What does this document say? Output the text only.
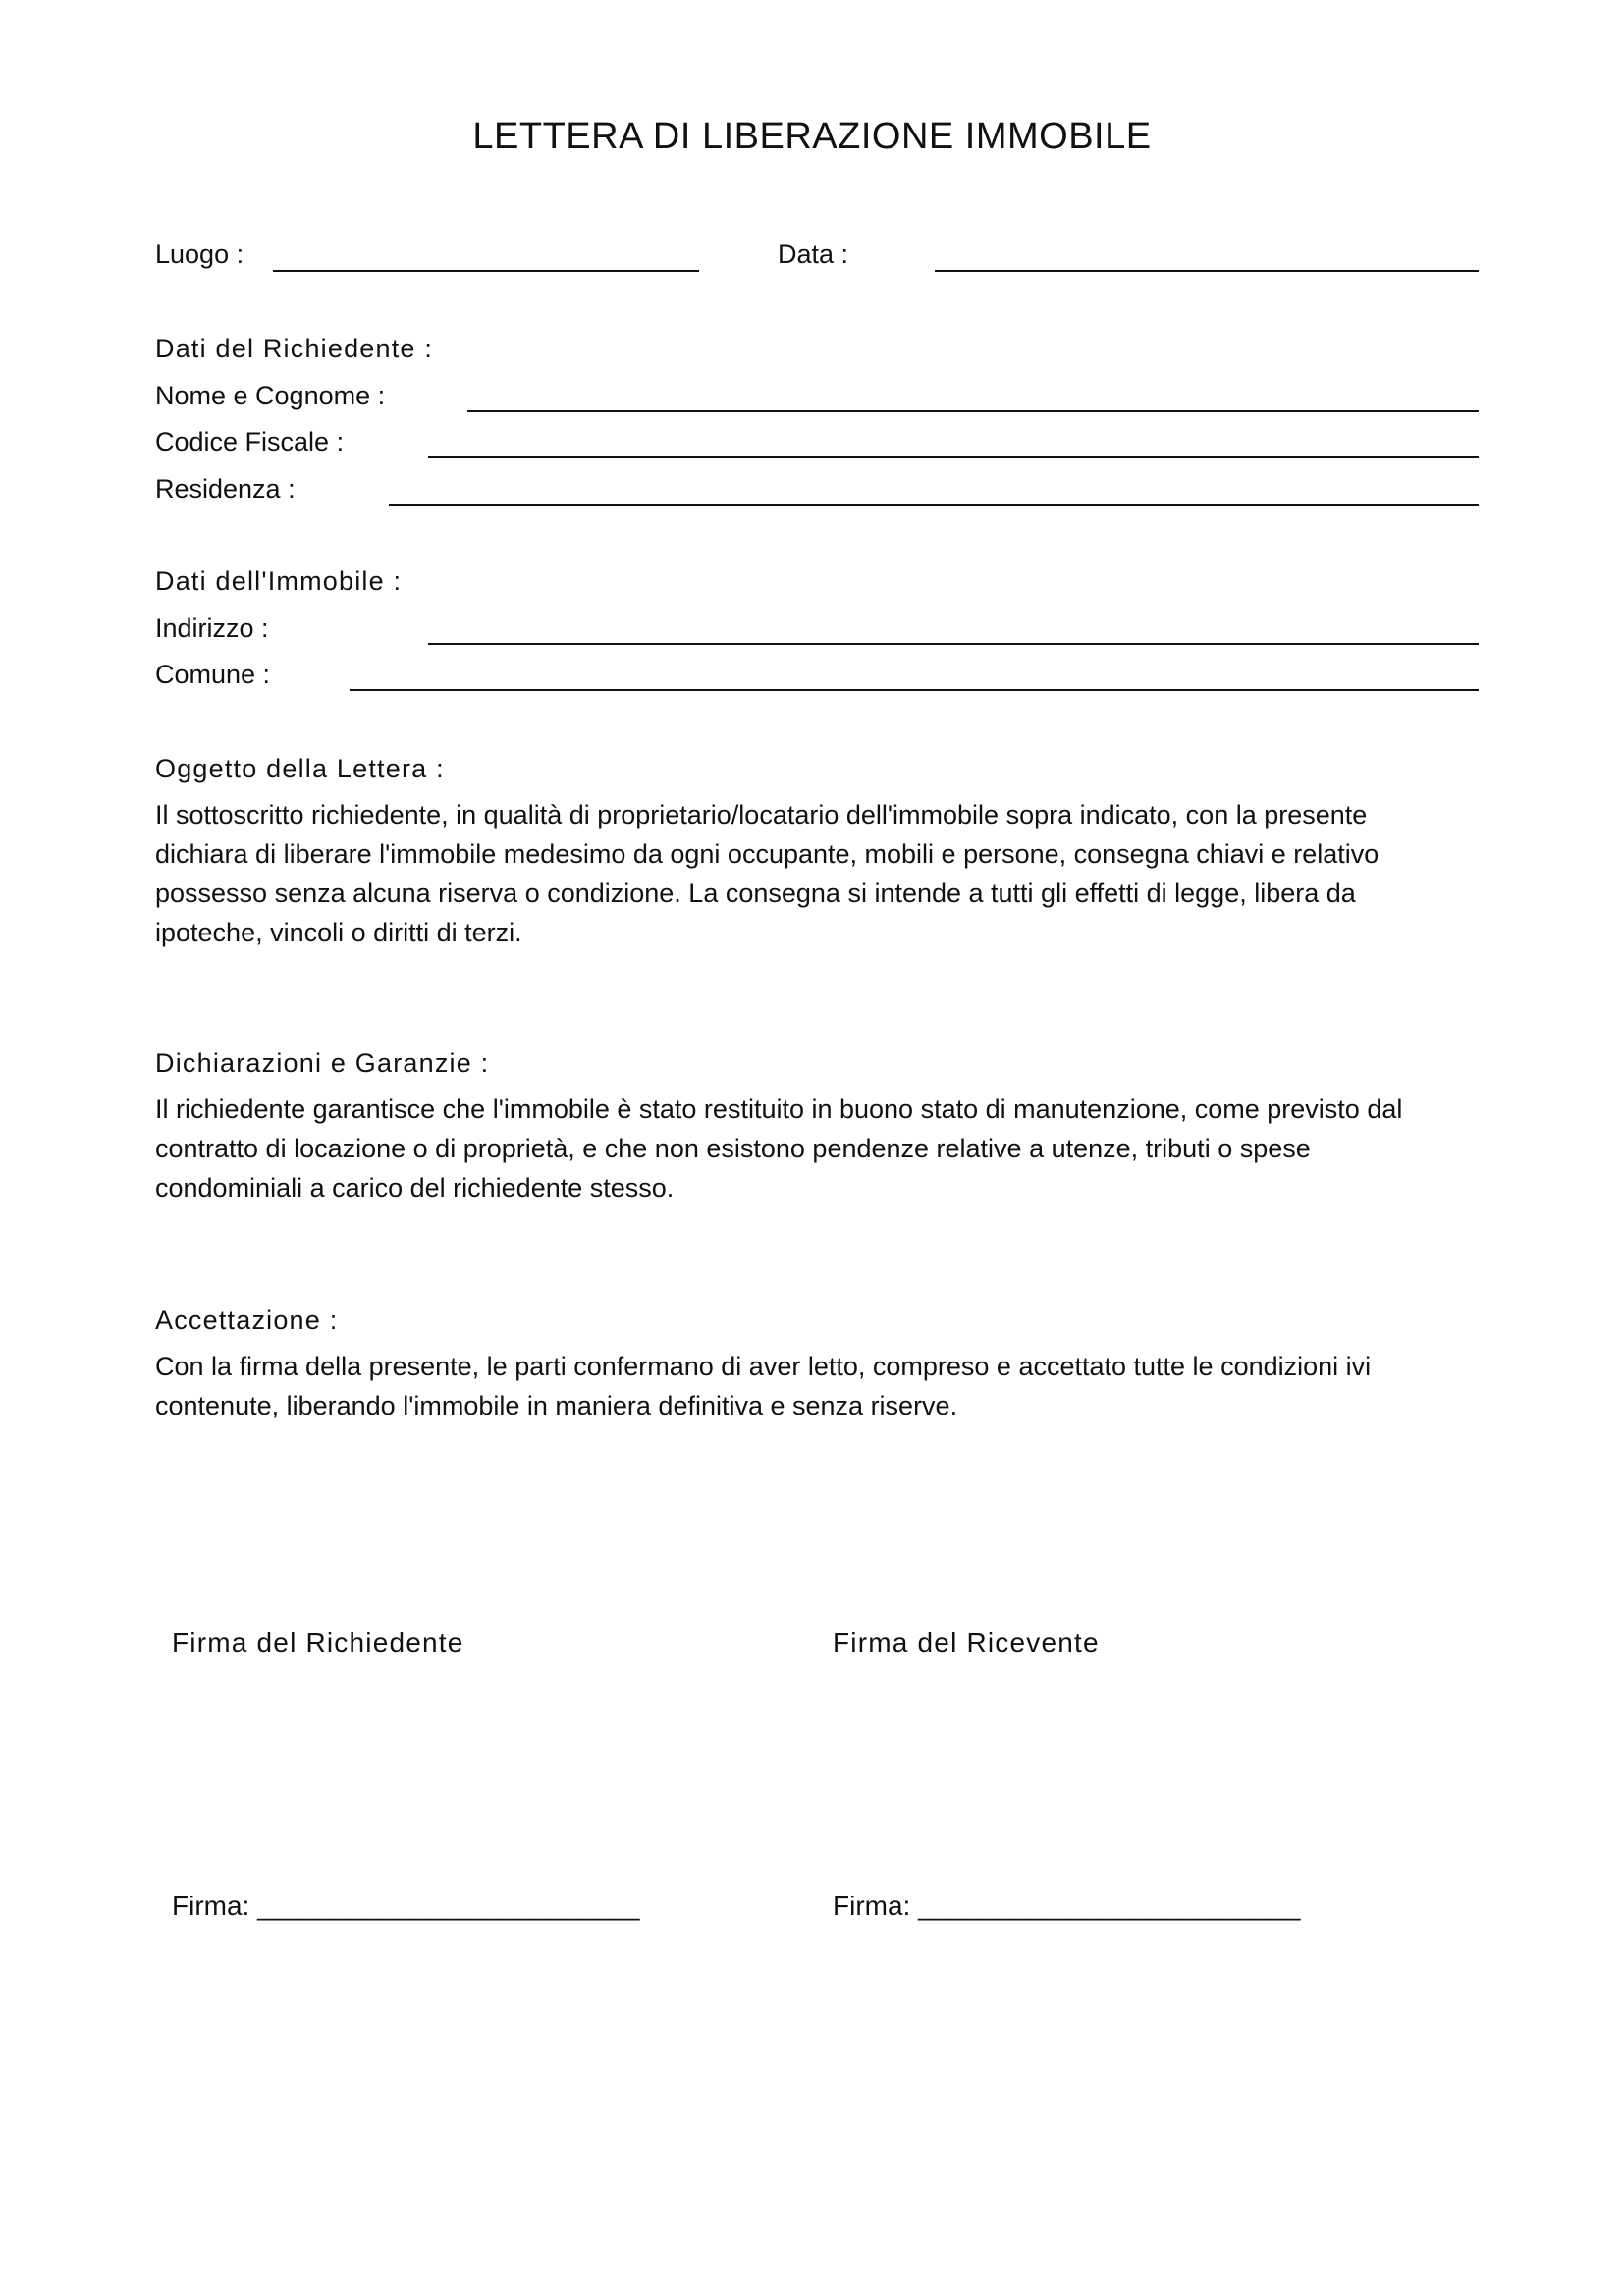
LETTERA DI LIBERAZIONE IMMOBILE
Luogo :	Data :
Dati del Richiedente :
Nome e Cognome :
Codice Fiscale :
Residenza :
Dati dell'Immobile :
Indirizzo :
Comune :
Oggetto della Lettera :
Il sottoscritto richiedente, in qualità di proprietario/locatario dell'immobile sopra indicato, con la presente
dichiara di liberare l'immobile medesimo da ogni occupante, mobili e persone, consegna chiavi e relativo
possesso senza alcuna riserva o condizione. La consegna si intende a tutti gli effetti di legge, libera da
ipoteche, vincoli o diritti di terzi.
Dichiarazioni e Garanzie :
Il richiedente garantisce che l'immobile è stato restituito in buono stato di manutenzione, come previsto dal
contratto di locazione o di proprietà, e che non esistono pendenze relative a utenze, tributi o spese
condominiali a carico del richiedente stesso.
Accettazione :
Con la firma della presente, le parti confermano di aver letto, compreso e accettato tutte le condizioni ivi
contenute, liberando l'immobile in maniera definitiva e senza riserve.
Firma del Richiedente	Firma del Ricevente
Firma: _________________________	Firma: _________________________
